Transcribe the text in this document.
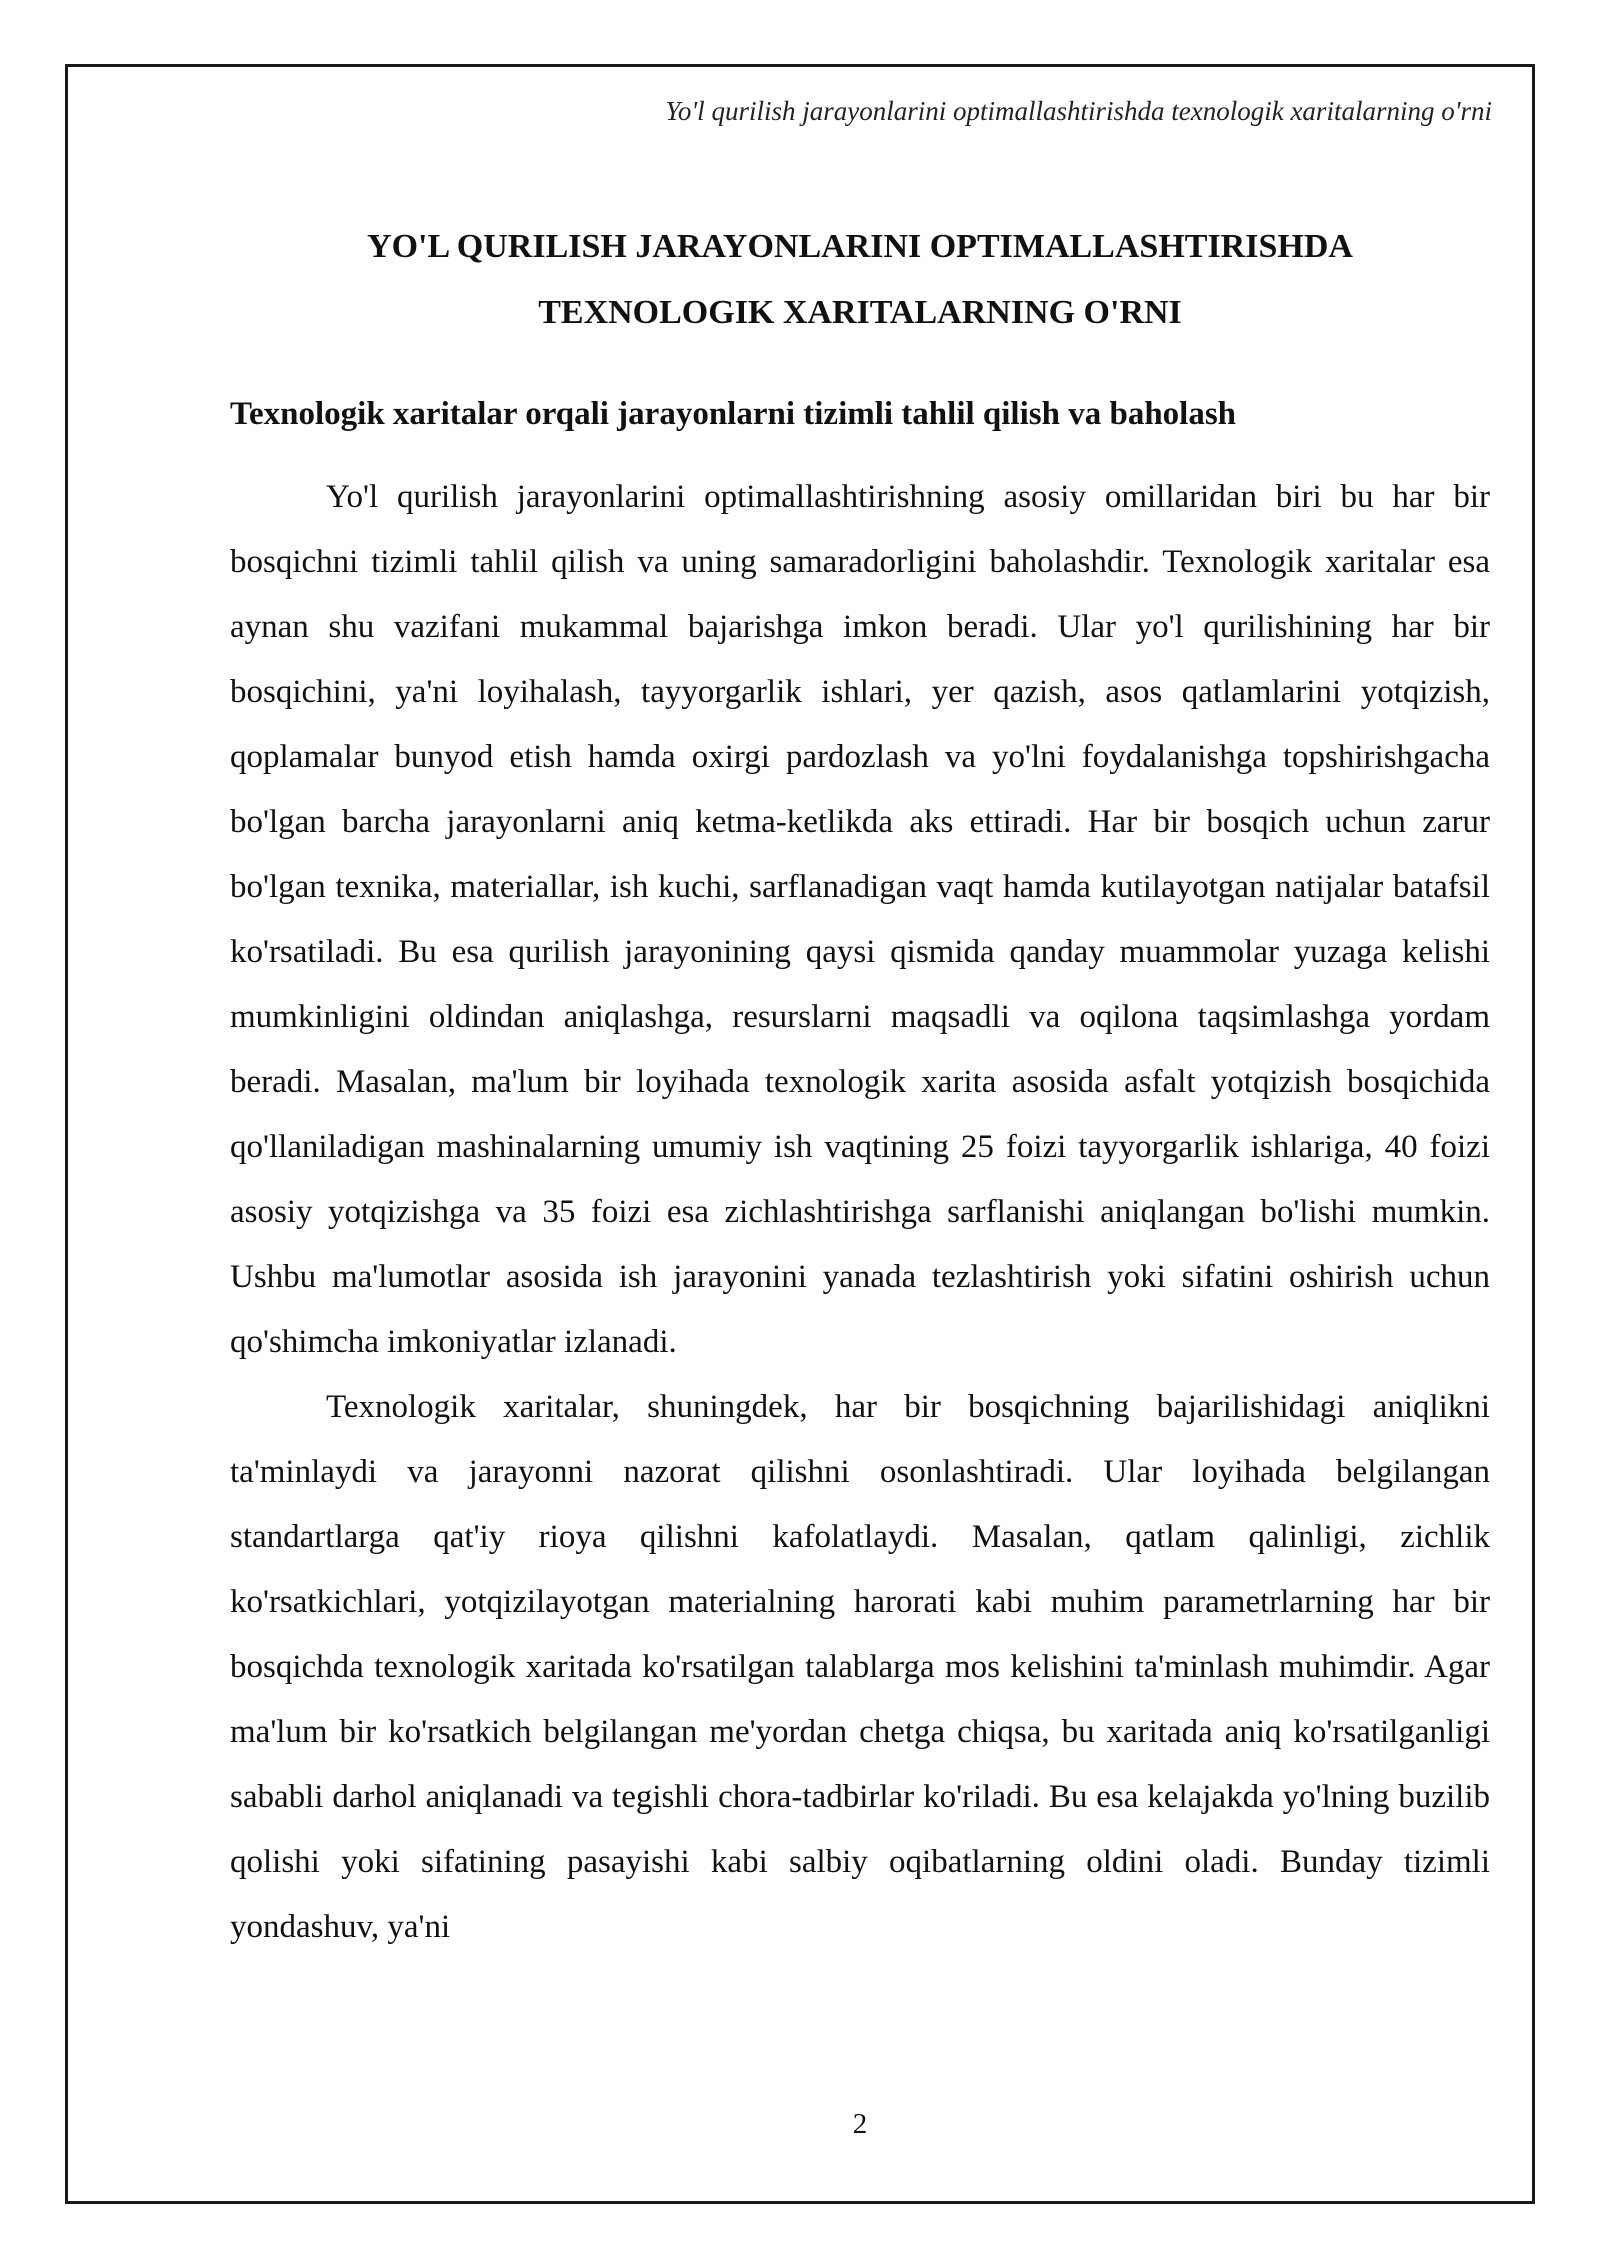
Yo'l qurilish jarayonlarini optimallashtirishda texnologik xaritalarning o'rni
YO'L QURILISH JARAYONLARINI OPTIMALLASHTIRISHDA
TEXNOLOGIK XARITALARNING O'RNI
Texnologik xaritalar orqali jarayonlarni tizimli tahlil qilish va baholash

Yo'l qurilish jarayonlarini optimallashtirishning asosiy omillaridan biri bu har bir bosqichni tizimli tahlil qilish va uning samaradorligini baholashdir. Texnologik xaritalar esa aynan shu vazifani mukammal bajarishga imkon beradi. Ular yo'l qurilishining har bir bosqichini, ya'ni loyihalash, tayyorgarlik ishlari, yer qazish, asos qatlamlarini yotqizish, qoplamalar bunyod etish hamda oxirgi pardozlash va yo'lni foydalanishga topshirishgacha bo'lgan barcha jarayonlarni aniq ketma-ketlikda aks ettiradi. Har bir bosqich uchun zarur bo'lgan texnika, materiallar, ish kuchi, sarflanadigan vaqt hamda kutilayotgan natijalar batafsil ko'rsatiladi. Bu esa qurilish jarayonining qaysi qismida qanday muammolar yuzaga kelishi mumkinligini oldindan aniqlashga, resurslarni maqsadli va oqilona taqsimlashga yordam beradi. Masalan, ma'lum bir loyihada texnologik xarita asosida asfalt yotqizish bosqichida qo'llaniladigan mashinalarning umumiy ish vaqtining 25 foizi tayyorgarlik ishlariga, 40 foizi asosiy yotqizishga va 35 foizi esa zichlashtirishga sarflanishi aniqlangan bo'lishi mumkin. Ushbu ma'lumotlar asosida ish jarayonini yanada tezlashtirish yoki sifatini oshirish uchun qo'shimcha imkoniyatlar izlanadi.

Texnologik xaritalar, shuningdek, har bir bosqichning bajarilishidagi aniqlikni ta'minlaydi va jarayonni nazorat qilishni osonlashtiradi. Ular loyihada belgilangan standartlarga qat'iy rioya qilishni kafolatlaydi. Masalan, qatlam qalinligi, zichlik ko'rsatkichlari, yotqizilayotgan materialning harorati kabi muhim parametrlarning har bir bosqichda texnologik xaritada ko'rsatilgan talablarga mos kelishini ta'minlash muhimdir. Agar ma'lum bir ko'rsatkich belgilangan me'yordan chetga chiqsa, bu xaritada aniq ko'rsatilganligi sababli darhol aniqlanadi va tegishli chora-tadbirlar ko'riladi. Bu esa kelajakda yo'lning buzilib qolishi yoki sifatining pasayishi kabi salbiy oqibatlarning oldini oladi. Bunday tizimli yondashuv, ya'ni

2
